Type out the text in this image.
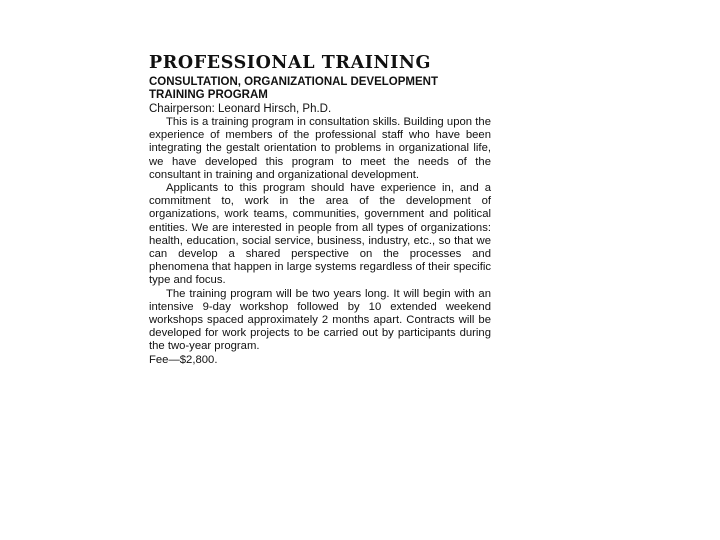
PROFESSIONAL TRAINING
CONSULTATION, ORGANIZATIONAL DEVELOPMENT
TRAINING PROGRAM
Chairperson: Leonard Hirsch, Ph.D.

This is a training program in consultation skills. Building upon the experience of members of the professional staff who have been integrating the gestalt orientation to problems in organizational life, we have developed this program to meet the needs of the consultant in training and organizational development.

Applicants to this program should have experience in, and a commitment to, work in the area of the development of organizations, work teams, communities, government and political entities. We are interested in people from all types of organizations: health, education, social service, business, industry, etc., so that we can develop a shared perspective on the processes and phenomena that happen in large systems regardless of their specific type and focus.

The training program will be two years long. It will begin with an intensive 9-day workshop followed by 10 extended weekend workshops spaced approximately 2 months apart. Contracts will be developed for work projects to be carried out by participants during the two-year program.

Fee—$2,800.
